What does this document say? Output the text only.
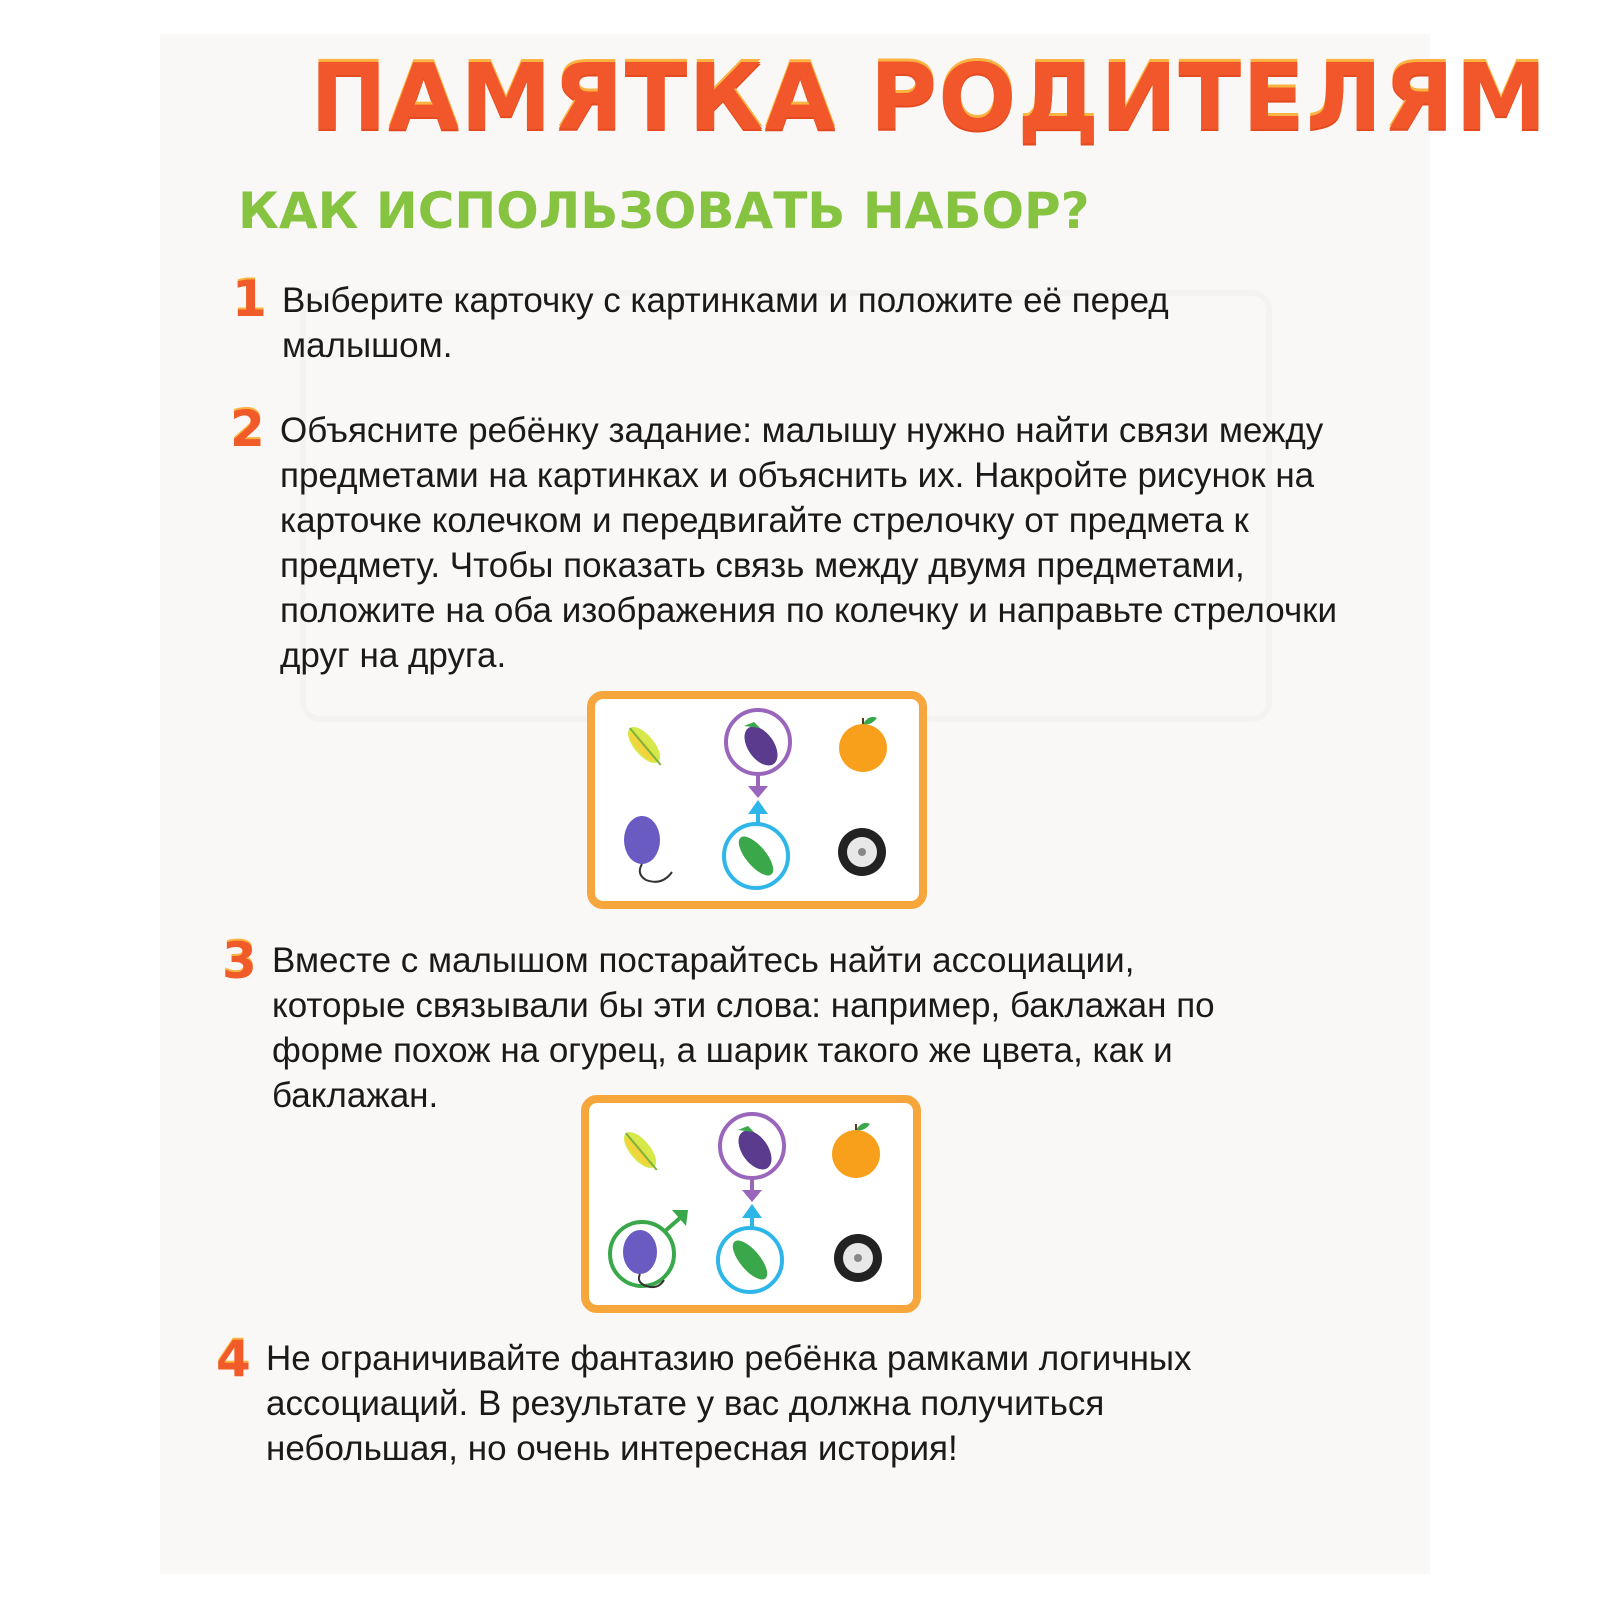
ПАМЯТКА РОДИТЕЛЯМ
КАК ИСПОЛЬЗОВАТЬ НАБОР?
1 Выберите карточку с картинками и положите её перед малышом.

2 Объясните ребёнку задание: малышу нужно найти связи между предметами на картинках и объяснить их. Накройте рисунок на карточке колечком и передвигайте стрелочку от предмета к предмету. Чтобы показать связь между двумя предметами, положите на оба изображения по колечку и направьте стрелочки друг на друга.

3 Вместе с малышом постарайтесь найти ассоциации, которые связывали бы эти слова: например, баклажан по форме похож на огурец, а шарик такого же цвета, как и баклажан.

4 Не ограничивайте фантазию ребёнка рамками логичных ассоциаций. В результате у вас должна получиться небольшая, но очень интересная история!
